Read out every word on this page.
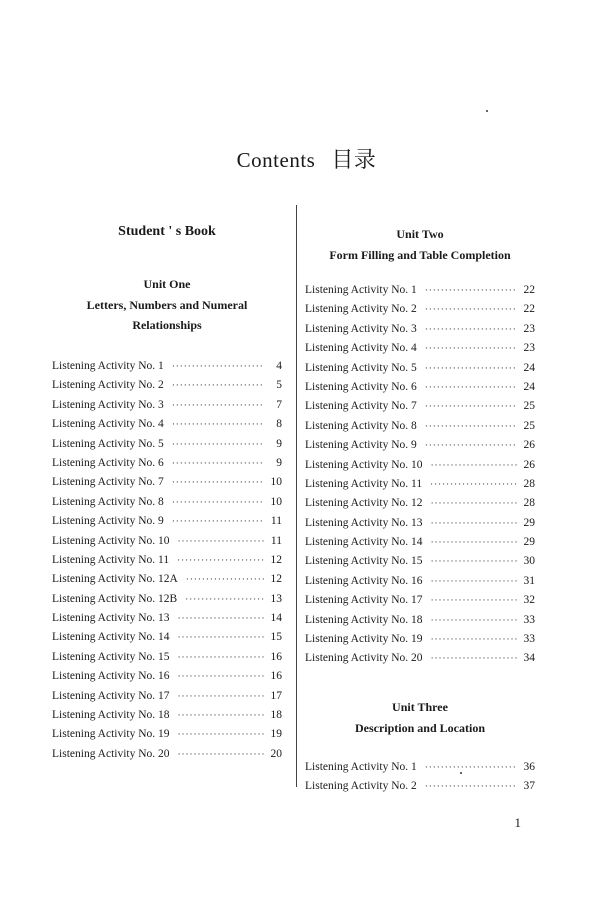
Contents 目录
Student ' s Book
Unit One
Letters, Numbers and Numeral
Relationships
Listening Activity No. 1 ·····	4
Listening Activity No. 2 ·····	5
Listening Activity No. 3 ·····	7
Listening Activity No. 4 ·····	8
Listening Activity No. 5 ·····	9
Listening Activity No. 6 ·····	9
Listening Activity No. 7 ·····	10
Listening Activity No. 8 ·····	10
Listening Activity No. 9 ·····	11
Listening Activity No. 10 ·····	11
Listening Activity No. 11 ·····	12
Listening Activity No. 12A ·····	12
Listening Activity No. 12B ·····	13
Listening Activity No. 13 ·····	14
Listening Activity No. 14 ·····	15
Listening Activity No. 15 ·····	16
Listening Activity No. 16 ·····	16
Listening Activity No. 17 ·····	17
Listening Activity No. 18 ·····	18
Listening Activity No. 19 ·····	19
Listening Activity No. 20 ·····	20
Unit Two
Form Filling and Table Completion
Listening Activity No. 1 ·····	22
Listening Activity No. 2 ·····	22
Listening Activity No. 3 ·····	23
Listening Activity No. 4 ·····	23
Listening Activity No. 5 ·····	24
Listening Activity No. 6 ·····	24
Listening Activity No. 7 ·····	25
Listening Activity No. 8 ·····	25
Listening Activity No. 9 ·····	26
Listening Activity No. 10 ·····	26
Listening Activity No. 11 ·····	28
Listening Activity No. 12 ·····	28
Listening Activity No. 13 ·····	29
Listening Activity No. 14 ·····	29
Listening Activity No. 15 ·····	30
Listening Activity No. 16 ·····	31
Listening Activity No. 17 ·····	32
Listening Activity No. 18 ·····	33
Listening Activity No. 19 ·····	33
Listening Activity No. 20 ·····	34
Unit Three
Description and Location
Listening Activity No. 1 ·····	36
Listening Activity No. 2 ·····	37
1
